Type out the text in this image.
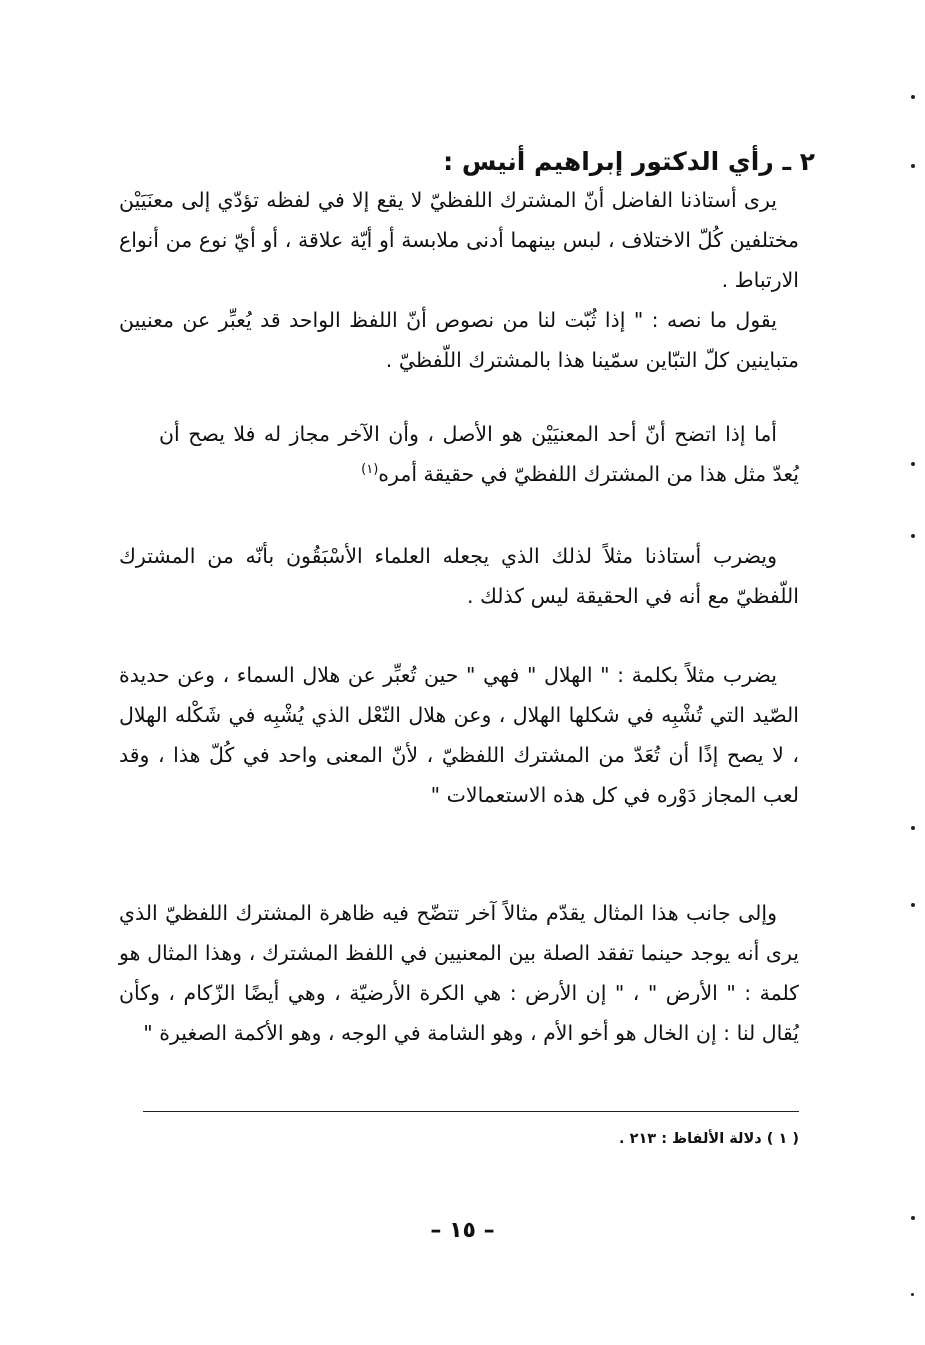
٢ ـ رأي الدكتور إبراهيم أنيس :

يرى أستاذنا الفاضل أنّ المشترك اللفظيّ لا يقع إلا في لفظه تؤدّي إلى معنَيَيْن مختلفين كُلّ الاختلاف ، لبس بينهما أدنى ملابسة أو أيّة علاقة ، أو أيّ نوع من أنواع الارتباط .

يقول ما نصه : " إذا ثُبّت لنا من نصوص أنّ اللفظ الواحد قد يُعبِّر عن معنيين متباينين كلّ التبّاين سمّينا هذا بالمشترك اللّفظيّ .

أما إذا اتضح أنّ أحد المعنيَيْن هو الأصل ، وأن الآخر مجاز له فلا يصح أن يُعدّ مثل هذا من المشترك اللفظيّ في حقيقة أمره$^{(١)}$

ويضرب أستاذنا مثلاً لذلك الذي يجعله العلماء الأسْبَقُون بأنّه من المشترك اللّفظيّ مع أنه في الحقيقة ليس كذلك .

يضرب مثلاً بكلمة : " الهلال " فهي " حين تُعبِّر عن هلال السماء ، وعن حديدة الصّيد التي تُشْبِه في شكلها الهلال ، وعن هلال النّعْل الذي يُشْبِه في شَكْله الهلال ، لا يصح إذًا أن تُعَدّ من المشترك اللفظيّ ، لأنّ المعنى واحد في كُلّ هذا ، وقد لعب المجاز دَوْره في كل هذه الاستعمالات "

وإلى جانب هذا المثال يقدّم مثالاً آخر تتضّح فيه ظاهرة المشترك اللفظيّ الذي يرى أنه يوجد حينما تفقد الصلة بين المعنيين في اللفظ المشترك ، وهذا المثال هو كلمة : " الأرض " ، " إن الأرض : هي الكرة الأرضيّة ، وهي أيضًا الزّكام ، وكأن يُقال لنا : إن الخال هو أخو الأم ، وهو الشامة في الوجه ، وهو الأكمة الصغيرة "

( ١ ) دلالة الألفاظ : ٢١٣ .
– ١٥ –
